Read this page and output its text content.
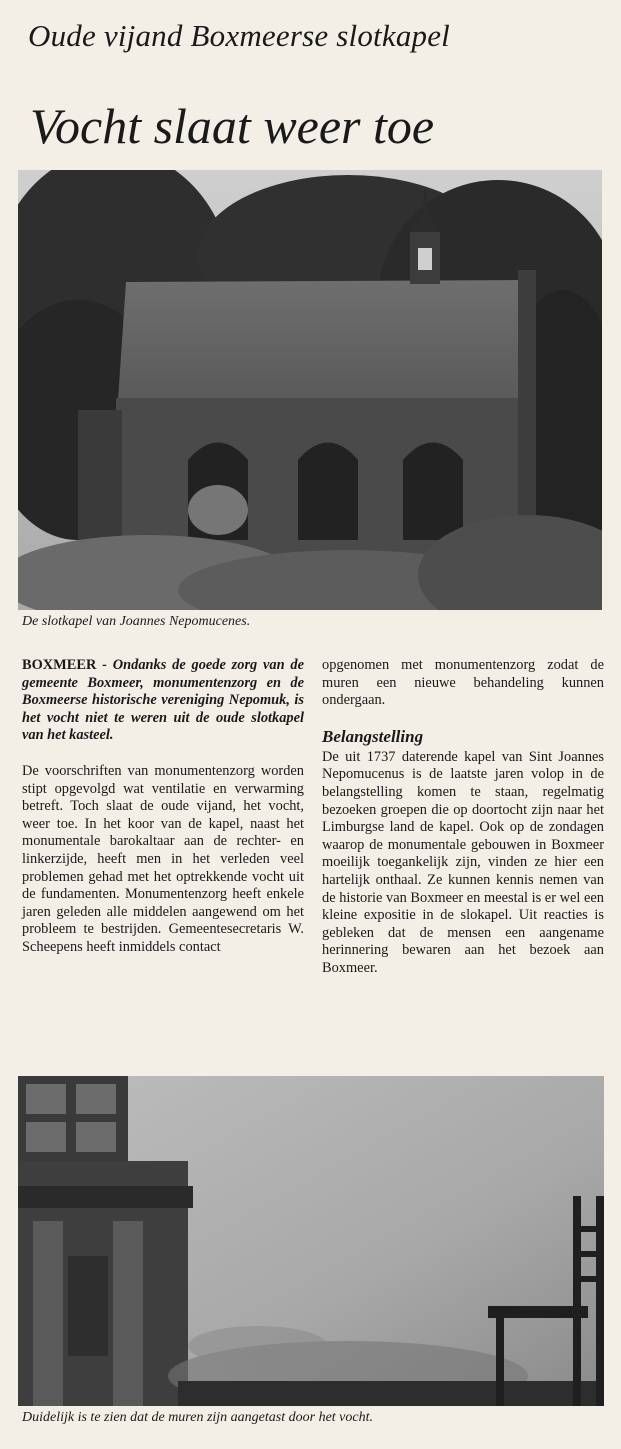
Oude vijand Boxmeerse slotkapel
Vocht slaat weer toe
De slotkapel van Joannes Nepomucenes.

BOXMEER - Ondanks de goede zorg van de gemeente Boxmeer, monumentenzorg en de Boxmeerse historische vereniging Nepomuk, is het vocht niet te weren uit de oude slotkapel van het kasteel.

De voorschriften van monumentenzorg worden stipt opgevolgd wat ventilatie en verwarming betreft. Toch slaat de oude vijand, het vocht, weer toe. In het koor van de kapel, naast het monumentale barokaltaar aan de rechter- en linkerzijde, heeft men in het verleden veel problemen gehad met het optrekkende vocht uit de fundamenten. Monumentenzorg heeft enkele jaren geleden alle middelen aangewend om het probleem te bestrijden. Gemeentesecretaris W. Scheepens heeft inmiddels contact

opgenomen met monumentenzorg zodat de muren een nieuwe behandeling kunnen ondergaan.

Belangstelling

De uit 1737 daterende kapel van Sint Joannes Nepomucenus is de laatste jaren volop in de belangstelling komen te staan, regelmatig bezoeken groepen die op doortocht zijn naar het Limburgse land de kapel. Ook op de zondagen waarop de monumentale gebouwen in Boxmeer moeilijk toegankelijk zijn, vinden ze hier een hartelijk onthaal. Ze kunnen kennis nemen van de historie van Boxmeer en meestal is er wel een kleine expositie in de slokapel. Uit reacties is gebleken dat de mensen een aangename herinnering bewaren aan het bezoek aan Boxmeer.

Duidelijk is te zien dat de muren zijn aangetast door het vocht.
